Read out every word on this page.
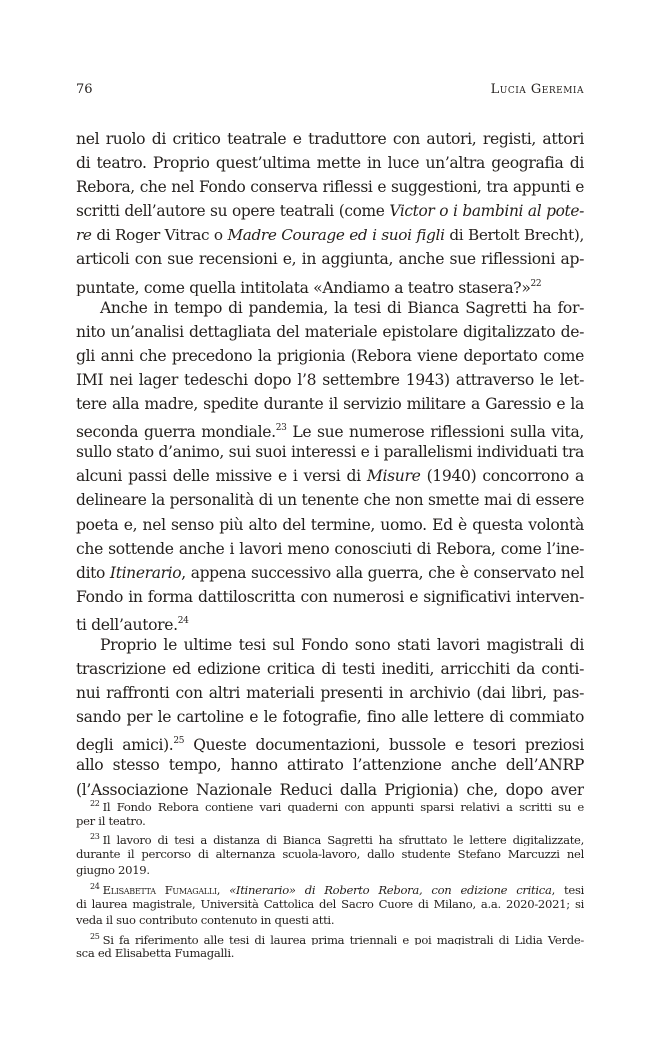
76	Lucia Geremia
nel ruolo di critico teatrale e traduttore con autori, registi, attori
di teatro. Proprio quest’ultima mette in luce un’altra geografia di
Rebora, che nel Fondo conserva riflessi e suggestioni, tra appunti e
scritti dell’autore su opere teatrali (come Victor o i bambini al pote-
re di Roger Vitrac o Madre Courage ed i suoi figli di Bertolt Brecht),
articoli con sue recensioni e, in aggiunta, anche sue riflessioni ap-
puntate, come quella intitolata «Andiamo a teatro stasera?»$^{22}$
Anche in tempo di pandemia, la tesi di Bianca Sagretti ha for-
nito un’analisi dettagliata del materiale epistolare digitalizzato de-
gli anni che precedono la prigionia (Rebora viene deportato come
IMI nei lager tedeschi dopo l’8 settembre 1943) attraverso le let-
tere alla madre, spedite durante il servizio militare a Garessio e la
seconda guerra mondiale.$^{23}$ Le sue numerose riflessioni sulla vita,
sullo stato d’animo, sui suoi interessi e i parallelismi individuati tra
alcuni passi delle missive e i versi di Misure (1940) concorrono a
delineare la personalità di un tenente che non smette mai di essere
poeta e, nel senso più alto del termine, uomo. Ed è questa volontà
che sottende anche i lavori meno conosciuti di Rebora, come l’ine-
dito Itinerario, appena successivo alla guerra, che è conservato nel
Fondo in forma dattiloscritta con numerosi e significativi interven-
ti dell’autore.$^{24}$
Proprio le ultime tesi sul Fondo sono stati lavori magistrali di
trascrizione ed edizione critica di testi inediti, arricchiti da conti-
nui raffronti con altri materiali presenti in archivio (dai libri, pas-
sando per le cartoline e le fotografie, fino alle lettere di commiato
degli amici).$^{25}$ Queste documentazioni, bussole e tesori preziosi
allo stesso tempo, hanno attirato l’attenzione anche dell’ANRP
(l’Associazione Nazionale Reduci dalla Prigionia) che, dopo aver
$^{22}$ Il Fondo Rebora contiene vari quaderni con appunti sparsi relativi a scritti su e
per il teatro.
$^{23}$ Il lavoro di tesi a distanza di Bianca Sagretti ha sfruttato le lettere digitalizzate,
durante il percorso di alternanza scuola-lavoro, dallo studente Stefano Marcuzzi nel
giugno 2019.
$^{24}$ Elisabetta Fumagalli, «Itinerario» di Roberto Rebora, con edizione critica, tesi
di laurea magistrale, Università Cattolica del Sacro Cuore di Milano, a.a. 2020-2021; si
veda il suo contributo contenuto in questi atti.
$^{25}$ Si fa riferimento alle tesi di laurea prima triennali e poi magistrali di Lidia Verde-
sca ed Elisabetta Fumagalli.
